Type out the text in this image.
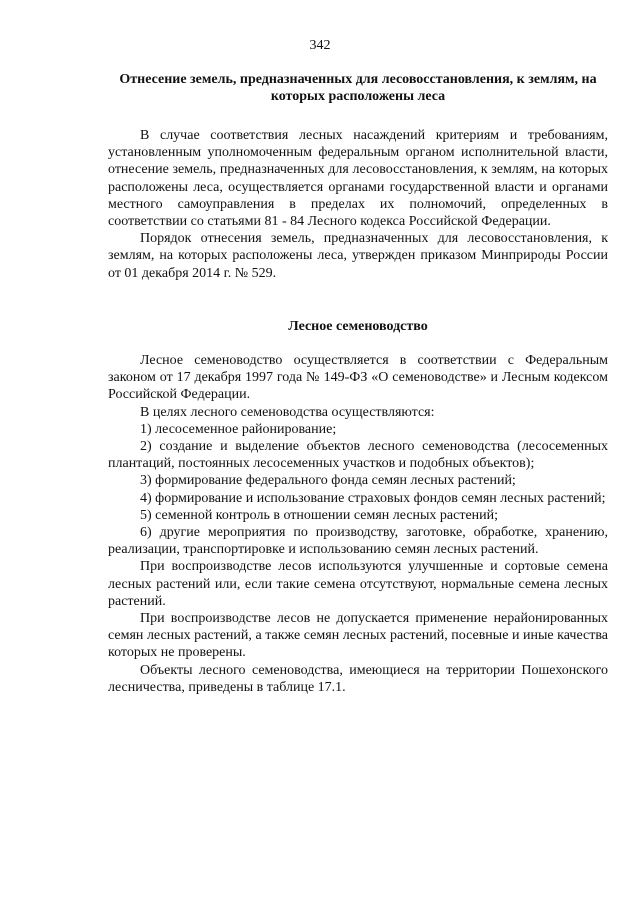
342
Отнесение земель, предназначенных для лесовосстановления, к землям, на которых расположены леса

В случае соответствия лесных насаждений критериям и требованиям, установленным уполномоченным федеральным органом исполнительной власти, отнесение земель, предназначенных для лесовосстановления, к землям, на которых расположены леса, осуществляется органами государственной власти и органами местного самоуправления в пределах их полномочий, определенных в соответствии со статьями 81 - 84 Лесного кодекса Российской Федерации.

Порядок отнесения земель, предназначенных для лесовосстановления, к землям, на которых расположены леса, утвержден приказом Минприроды России от 01 декабря 2014 г. № 529.

Лесное семеноводство

Лесное семеноводство осуществляется в соответствии с Федеральным законом от 17 декабря 1997 года № 149-ФЗ «О семеноводстве» и Лесным кодексом Российской Федерации.

В целях лесного семеноводства осуществляются:

1) лесосеменное районирование;

2) создание и выделение объектов лесного семеноводства (лесосеменных плантаций, постоянных лесосеменных участков и подобных объектов);

3) формирование федерального фонда семян лесных растений;

4) формирование и использование страховых фондов семян лесных растений;

5) семенной контроль в отношении семян лесных растений;

6) другие мероприятия по производству, заготовке, обработке, хранению, реализации, транспортировке и использованию семян лесных растений.

При воспроизводстве лесов используются улучшенные и сортовые семена лесных растений или, если такие семена отсутствуют, нормальные семена лесных растений.

При воспроизводстве лесов не допускается применение нерайонированных семян лесных растений, а также семян лесных растений, посевные и иные качества которых не проверены.

Объекты лесного семеноводства, имеющиеся на территории Пошехонского лесничества, приведены в таблице 17.1.
